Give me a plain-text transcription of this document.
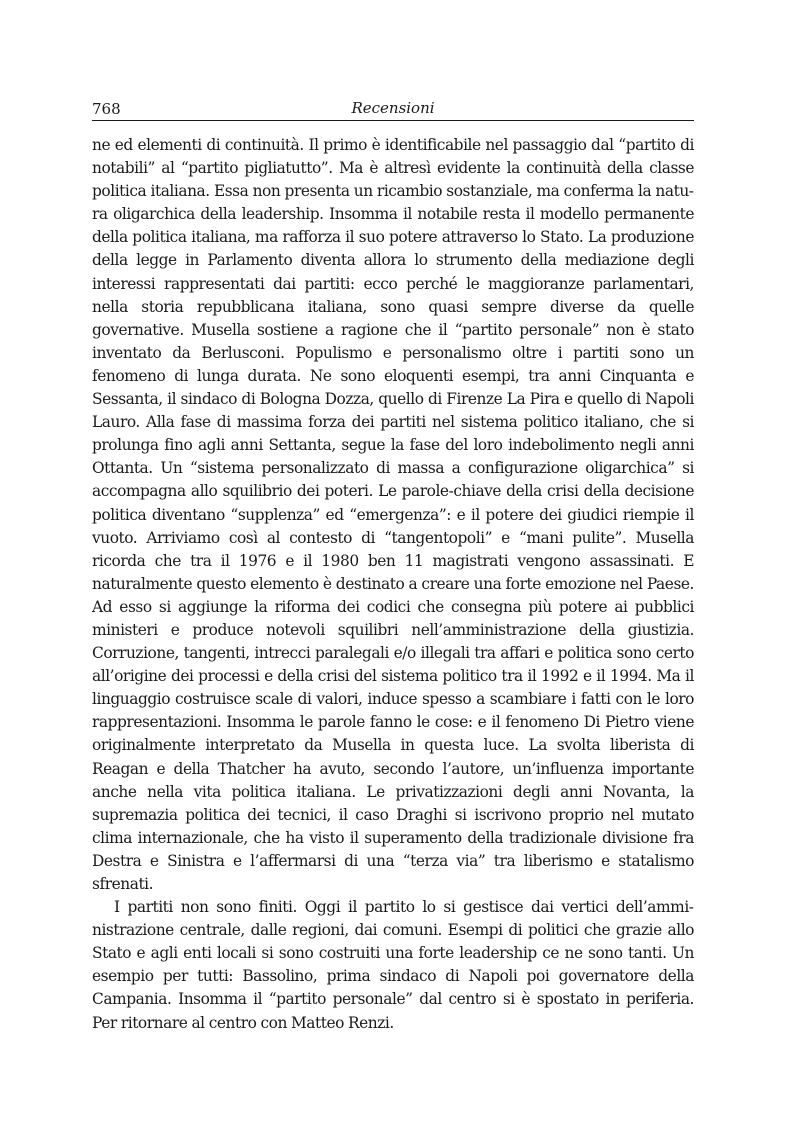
768	Recensioni

ne ed elementi di continuità. Il primo è identificabile nel passaggio dal “partito di notabili” al “partito pigliatutto”. Ma è altresì evidente la continuità della classe politica italiana. Essa non presenta un ricambio sostanziale, ma conferma la natura oligarchica della leadership. Insomma il notabile resta il modello permanente della politica italiana, ma rafforza il suo potere attraverso lo Stato. La produzione della legge in Parlamento diventa allora lo strumento della mediazione degli interessi rappresentati dai partiti: ecco perché le maggioranze parlamentari, nella storia repubblicana italiana, sono quasi sempre diverse da quelle governative. Musella sostiene a ragione che il “partito personale” non è stato inventato da Berlusconi. Populismo e personalismo oltre i partiti sono un fenomeno di lunga durata. Ne sono eloquenti esempi, tra anni Cinquanta e Sessanta, il sindaco di Bologna Dozza, quello di Firenze La Pira e quello di Napoli Lauro. Alla fase di massima forza dei partiti nel sistema politico italiano, che si prolunga fino agli anni Settanta, segue la fase del loro indebolimento negli anni Ottanta. Un “sistema personalizzato di massa a configurazione oligarchica” si accompagna allo squilibrio dei poteri. Le parole-chiave della crisi della decisione politica diventano “supplenza” ed “emergenza”: e il potere dei giudici riempie il vuoto. Arriviamo così al contesto di “tangentopoli” e “mani pulite”. Musella ricorda che tra il 1976 e il 1980 ben 11 magistrati vengono assassinati. E naturalmente questo elemento è destinato a creare una forte emozione nel Paese. Ad esso si aggiunge la riforma dei codici che consegna più potere ai pubblici ministeri e produce notevoli squilibri nell’amministrazione della giustizia. Corruzione, tangenti, intrecci paralegali e/o illegali tra affari e politica sono certo all’origine dei processi e della crisi del sistema politico tra il 1992 e il 1994. Ma il linguaggio costruisce scale di valori, induce spesso a scambiare i fatti con le loro rappresentazioni. Insomma le parole fanno le cose: e il fenomeno Di Pietro viene originalmente interpretato da Musella in questa luce. La svolta liberista di Reagan e della Thatcher ha avuto, secondo l’autore, un’influenza importante anche nella vita politica italiana. Le privatizzazioni degli anni Novanta, la supremazia politica dei tecnici, il caso Draghi si iscrivono proprio nel mutato clima internazionale, che ha visto il superamento della tradizionale divisione fra Destra e Sinistra e l’affermarsi di una “terza via” tra liberismo e statalismo sfrenati.

I partiti non sono finiti. Oggi il partito lo si gestisce dai vertici dell’amministrazione centrale, dalle regioni, dai comuni. Esempi di politici che grazie allo Stato e agli enti locali si sono costruiti una forte leadership ce ne sono tanti. Un esempio per tutti: Bassolino, prima sindaco di Napoli poi governatore della Campania. Insomma il “partito personale” dal centro si è spostato in periferia. Per ritornare al centro con Matteo Renzi.
